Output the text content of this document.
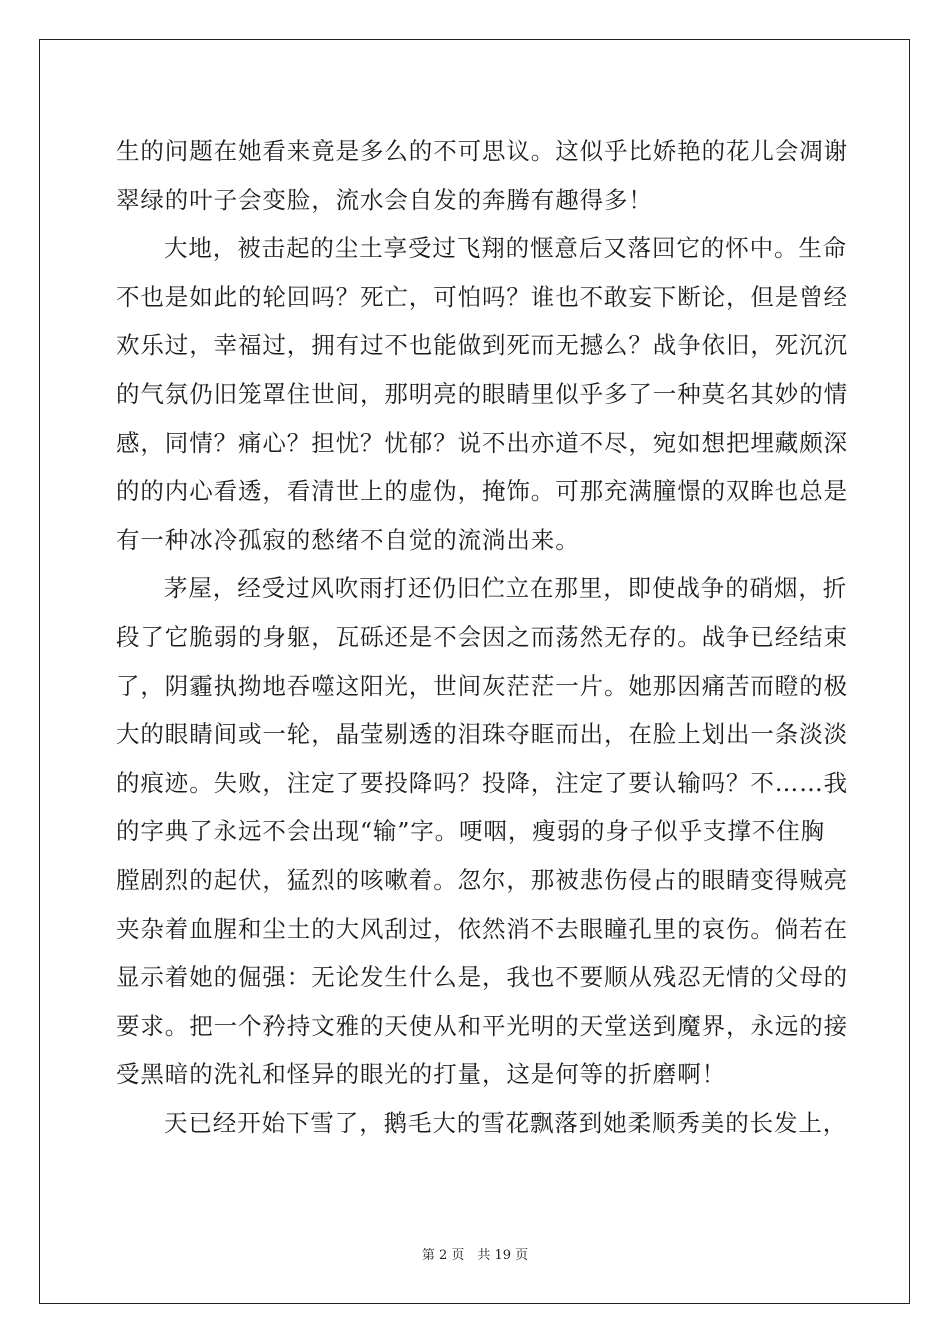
生的问题在她看来竟是多么的不可思议。这似乎比娇艳的花儿会凋谢
翠绿的叶子会变脸，流水会自发的奔腾有趣得多！
大地，被击起的尘土享受过飞翔的惬意后又落回它的怀中。生命
不也是如此的轮回吗？死亡，可怕吗？谁也不敢妄下断论，但是曾经
欢乐过，幸福过，拥有过不也能做到死而无撼么？战争依旧，死沉沉
的气氛仍旧笼罩住世间，那明亮的眼睛里似乎多了一种莫名其妙的情
感，同情？痛心？担忧？忧郁？说不出亦道不尽，宛如想把埋藏颇深
的的内心看透，看清世上的虚伪，掩饰。可那充满朣憬的双眸也总是
有一种冰冷孤寂的愁绪不自觉的流淌出来。
茅屋，经受过风吹雨打还仍旧伫立在那里，即使战争的硝烟，折
段了它脆弱的身躯，瓦砾还是不会因之而荡然无存的。战争已经结束
了，阴霾执拗地吞噬这阳光，世间灰茫茫一片。她那因痛苦而瞪的极
大的眼睛间或一轮，晶莹剔透的泪珠夺眶而出，在脸上划出一条淡淡
的痕迹。失败，注定了要投降吗？投降，注定了要认输吗？不……我
的字典了永远不会出现“输”字。哽咽，瘦弱的身子似乎支撑不住胸
膛剧烈的起伏，猛烈的咳嗽着。忽尔，那被悲伤侵占的眼睛变得贼亮
夹杂着血腥和尘土的大风刮过，依然消不去眼瞳孔里的哀伤。倘若在
显示着她的倔强：无论发生什么是，我也不要顺从残忍无情的父母的
要求。把一个矜持文雅的天使从和平光明的天堂送到魔界，永远的接
受黑暗的洗礼和怪异的眼光的打量，这是何等的折磨啊！
天已经开始下雪了，鹅毛大的雪花飘落到她柔顺秀美的长发上，
第 2 页　共 19 页
